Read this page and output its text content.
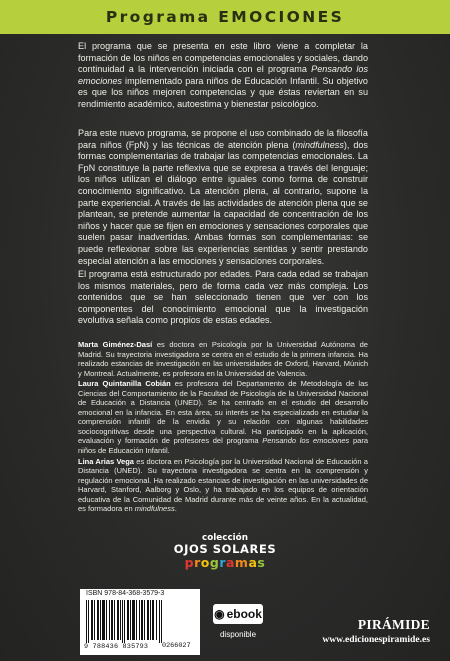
Programa EMOCIONES

El programa que se presenta en este libro viene a completar la formación de los niños en competencias emocionales y sociales, dando continuidad a la intervención iniciada con el programa Pensando los emociones implementado para niños de Educación Infantil. Su objetivo es que los niños mejoren competencias y que éstas reviertan en su rendimiento académico, autoestima y bienestar psicológico.

Para este nuevo programa, se propone el uso combinado de la filosofía para niños (FpN) y las técnicas de atención plena (mindfulness), dos formas complementarias de trabajar las competencias emocionales. La FpN constituye la parte reflexiva que se expresa a través del lenguaje; los niños utilizan el diálogo entre iguales como forma de construir conocimiento significativo. La atención plena, al contrario, supone la parte experiencial. A través de las actividades de atención plena que se plantean, se pretende aumentar la capacidad de concentración de los niños y hacer que se fijen en emociones y sensaciones corporales que suelen pasar inadvertidas. Ambas formas son complementarias: se puede reflexionar sobre las experiencias sentidas y sentir prestando especial atención a las emociones y sensaciones corporales.

El programa está estructurado por edades. Para cada edad se trabajan los mismos materiales, pero de forma cada vez más compleja. Los contenidos que se han seleccionado tienen que ver con los componentes del conocimiento emocional que la investigación evolutiva señala como propios de estas edades.

Marta Giménez-Dasí es doctora en Psicología por la Universidad Autónoma de Madrid. Su trayectoria investigadora se centra en el estudio de la primera infancia. Ha realizado estancias de investigación en las universidades de Oxford, Harvard, Múnich y Montreal. Actualmente, es profesora en la Universidad de Valencia.

Laura Quintanilla Cobián es profesora del Departamento de Metodología de las Ciencias del Comportamiento de la Facultad de Psicología de la Universidad Nacional de Educación a Distancia (UNED). Se ha centrado en el estudio del desarrollo emocional en la infancia. En esta área, su interés se ha especializado en estudiar la comprensión infantil de la envidia y su relación con algunas habilidades sociocognitivas desde una perspectiva cultural. Ha participado en la aplicación, evaluación y formación de profesores del programa Pensando los emociones para niños de Educación Infantil.

Lina Arias Vega es doctora en Psicología por la Universidad Nacional de Educación a Distancia (UNED). Su trayectoria investigadora se centra en la comprensión y regulación emocional. Ha realizado estancias de investigación en las universidades de Harvard, Stanford, Aalborg y Oslo, y ha trabajado en los equipos de orientación educativa de la Comunidad de Madrid durante más de veinte años. En la actualidad, es formadora en mindfulness.

colección
OJOS SOLARES
programas
ISBN 978-84-368-3579-3
9 788436 835793 0266027
◉ ebook
disponible
PIRÁMIDE
www.edicionespiramide.es
